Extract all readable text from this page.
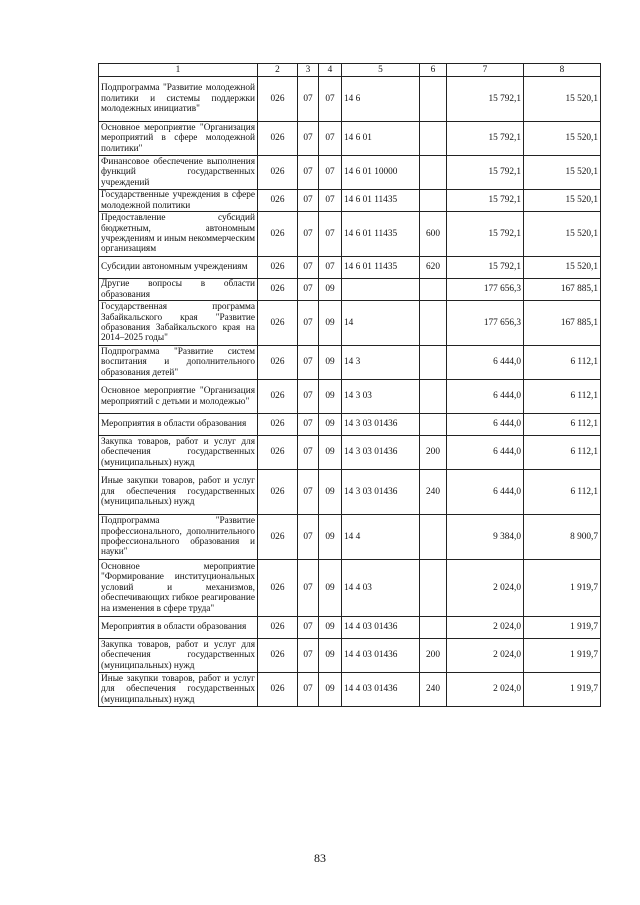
1	2	3	4	5	6	7	8
Подпрограмма "Развитие молодежной политики и системы поддержки молодежных инициатив"	026	07	07	14 6		15 792,1	15 520,1
Основное мероприятие "Организация мероприятий в сфере молодежной политики"	026	07	07	14 6 01		15 792,1	15 520,1
Финансовое обеспечение выполнения функций государственных учреждений	026	07	07	14 6 01 10000		15 792,1	15 520,1
Государственные учреждения в сфере молодежной политики	026	07	07	14 6 01 11435		15 792,1	15 520,1
Предоставление субсидий бюджетным, автономным учреждениям и иным некоммерческим организациям	026	07	07	14 6 01 11435	600	15 792,1	15 520,1
Субсидии автономным учреждениям	026	07	07	14 6 01 11435	620	15 792,1	15 520,1
Другие вопросы в области образования	026	07	09			177 656,3	167 885,1
Государственная программа Забайкальского края "Развитие образования Забайкальского края на 2014–2025 годы"	026	07	09	14		177 656,3	167 885,1
Подпрограмма "Развитие систем воспитания и дополнительного образования детей"	026	07	09	14 3		6 444,0	6 112,1
Основное мероприятие "Организация мероприятий с детьми и молодежью"	026	07	09	14 3 03		6 444,0	6 112,1
Мероприятия в области образования	026	07	09	14 3 03 01436		6 444,0	6 112,1
Закупка товаров, работ и услуг для обеспечения государственных (муниципальных) нужд	026	07	09	14 3 03 01436	200	6 444,0	6 112,1
Иные закупки товаров, работ и услуг для обеспечения государственных (муниципальных) нужд	026	07	09	14 3 03 01436	240	6 444,0	6 112,1
Подпрограмма "Развитие профессионального, дополнительного профессионального образования и науки"	026	07	09	14 4		9 384,0	8 900,7
Основное мероприятие "Формирование институциональных условий и механизмов, обеспечивающих гибкое реагирование на изменения в сфере труда"	026	07	09	14 4 03		2 024,0	1 919,7
Мероприятия в области образования	026	07	09	14 4 03 01436		2 024,0	1 919,7
Закупка товаров, работ и услуг для обеспечения государственных (муниципальных) нужд	026	07	09	14 4 03 01436	200	2 024,0	1 919,7
Иные закупки товаров, работ и услуг для обеспечения государственных (муниципальных) нужд	026	07	09	14 4 03 01436	240	2 024,0	1 919,7
83
